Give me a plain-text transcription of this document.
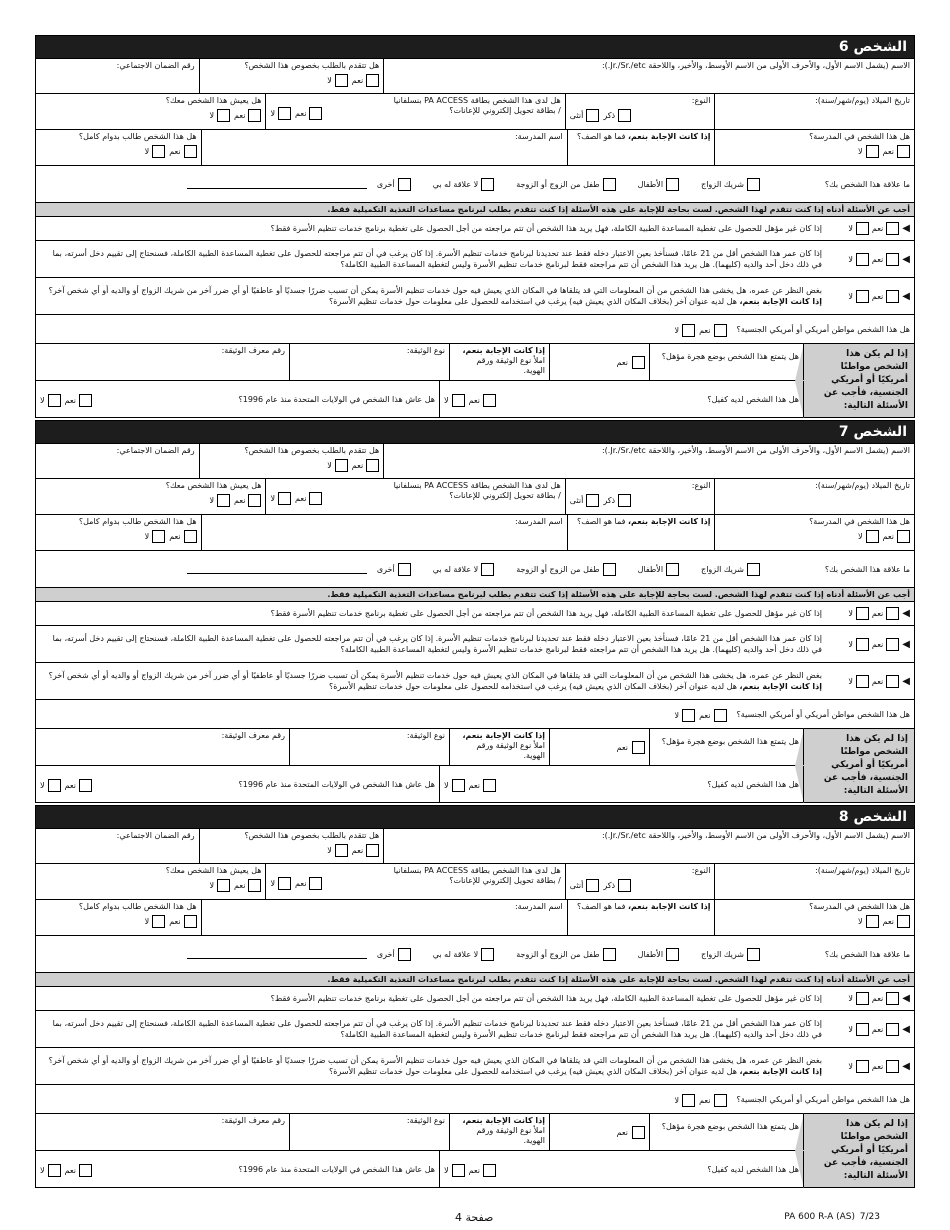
الشخص 6
الاسم (يشمل الاسم الأول، والأحرف الأولى من الاسم الأوسط، والأخير، واللاحقة Jr./Sr./etc.):
هل تتقدم بالطلب بخصوص هذا الشخص؟
نعم
لا
رقم الضمان الاجتماعي:
تاريخ الميلاد (يوم/شهر/سنة):
النوع:
ذكر
أنثى
هل لدى هذا الشخص بطاقة PA ACCESS بنسلفانيا / بطاقة تحويل إلكتروني للإعانات؟
نعم
لا
هل يعيش هذا الشخص معك؟
نعم
لا
هل هذا الشخص في المدرسة؟
نعم
لا
إذا كانت الإجابة بنعم، فما هو الصف؟
اسم المدرسة:
هل هذا الشخص طالب بدوام كامل؟
نعم
لا
ما علاقة هذا الشخص بك؟
شريك الزواج
الأطفال
طفل من الزوج أو الزوجة
لا علاقة له بي
أخرى
أجب عن الأسئلة أدناه إذا كنت تتقدم لهذا الشخص. لست بحاجة للإجابة على هذه الأسئلة إذا كنت تتقدم بطلب لبرنامج مساعدات التغذية التكميلية فقط.
◀
نعم
لا
إذا كان غير مؤهل للحصول على تغطية المساعدة الطبية الكاملة، فهل يريد هذا الشخص أن تتم مراجعته من أجل الحصول على تغطية برنامج خدمات تنظيم الأسرة فقط؟
◀
نعم
لا
إذا كان عمر هذا الشخص أقل من 21 عامًا، فسنأخذ بعين الاعتبار دخله فقط عند تحديدنا لبرنامج خدمات تنظيم الأسرة. إذا كان يرغب في أن تتم مراجعته للحصول على تغطية المساعدة الطبية الكاملة، فسنحتاج إلى تقييم دخل أسرته، بما في ذلك دخل أحد والديه (كليهما). هل يريد هذا الشخص أن تتم مراجعته فقط لبرنامج خدمات تنظيم الأسرة وليس لتغطية المساعدة الطبية الكاملة؟
◀
نعم
لا
بغض النظر عن عمره، هل يخشى هذا الشخص من أن المعلومات التي قد يتلقاها في المكان الذي يعيش فيه حول خدمات تنظيم الأسرة يمكن أن تسبب ضررًا جسديًا أو عاطفيًا أو أي ضرر آخر من شريك الزواج أو والديه أو أي شخص آخر؟ إذا كانت الإجابة بنعم، هل لديه عنوان آخر (بخلاف المكان الذي يعيش فيه) يرغب في استخدامه للحصول على معلومات حول خدمات تنظيم الأسرة؟
هل هذا الشخص مواطن أمريكي أو أمريكي الجنسية؟
نعم
لا
إذا لم يكن هذا الشخص مواطنًا أمريكيًا أو أمريكي الجنسية، فأجب عن الأسئلة التالية:
هل يتمتع هذا الشخص بوضع هجرة مؤهل؟
نعم
إذا كانت الإجابة بنعم، املأ نوع الوثيقة ورقم الهوية.
نوع الوثيقة:
رقم معرف الوثيقة:
هل هذا الشخص لديه كفيل؟
نعم
لا
هل عاش هذا الشخص في الولايات المتحدة منذ عام 1996؟
نعم
لا
الشخص 7
الاسم (يشمل الاسم الأول، والأحرف الأولى من الاسم الأوسط، والأخير، واللاحقة Jr./Sr./etc.):
هل تتقدم بالطلب بخصوص هذا الشخص؟
نعم
لا
رقم الضمان الاجتماعي:
تاريخ الميلاد (يوم/شهر/سنة):
النوع:
ذكر
أنثى
هل لدى هذا الشخص بطاقة PA ACCESS بنسلفانيا / بطاقة تحويل إلكتروني للإعانات؟
نعم
لا
هل يعيش هذا الشخص معك؟
نعم
لا
هل هذا الشخص في المدرسة؟
نعم
لا
إذا كانت الإجابة بنعم، فما هو الصف؟
اسم المدرسة:
هل هذا الشخص طالب بدوام كامل؟
نعم
لا
ما علاقة هذا الشخص بك؟
شريك الزواج
الأطفال
طفل من الزوج أو الزوجة
لا علاقة له بي
أخرى
أجب عن الأسئلة أدناه إذا كنت تتقدم لهذا الشخص. لست بحاجة للإجابة على هذه الأسئلة إذا كنت تتقدم بطلب لبرنامج مساعدات التغذية التكميلية فقط.
◀
نعم
لا
إذا كان غير مؤهل للحصول على تغطية المساعدة الطبية الكاملة، فهل يريد هذا الشخص أن تتم مراجعته من أجل الحصول على تغطية برنامج خدمات تنظيم الأسرة فقط؟
◀
نعم
لا
إذا كان عمر هذا الشخص أقل من 21 عامًا، فسنأخذ بعين الاعتبار دخله فقط عند تحديدنا لبرنامج خدمات تنظيم الأسرة. إذا كان يرغب في أن تتم مراجعته للحصول على تغطية المساعدة الطبية الكاملة، فسنحتاج إلى تقييم دخل أسرته، بما في ذلك دخل أحد والديه (كليهما). هل يريد هذا الشخص أن تتم مراجعته فقط لبرنامج خدمات تنظيم الأسرة وليس لتغطية المساعدة الطبية الكاملة؟
◀
نعم
لا
بغض النظر عن عمره، هل يخشى هذا الشخص من أن المعلومات التي قد يتلقاها في المكان الذي يعيش فيه حول خدمات تنظيم الأسرة يمكن أن تسبب ضررًا جسديًا أو عاطفيًا أو أي ضرر آخر من شريك الزواج أو والديه أو أي شخص آخر؟ إذا كانت الإجابة بنعم، هل لديه عنوان آخر (بخلاف المكان الذي يعيش فيه) يرغب في استخدامه للحصول على معلومات حول خدمات تنظيم الأسرة؟
هل هذا الشخص مواطن أمريكي أو أمريكي الجنسية؟
نعم
لا
إذا لم يكن هذا الشخص مواطنًا أمريكيًا أو أمريكي الجنسية، فأجب عن الأسئلة التالية:
هل يتمتع هذا الشخص بوضع هجرة مؤهل؟
نعم
إذا كانت الإجابة بنعم، املأ نوع الوثيقة ورقم الهوية.
نوع الوثيقة:
رقم معرف الوثيقة:
هل هذا الشخص لديه كفيل؟
نعم
لا
هل عاش هذا الشخص في الولايات المتحدة منذ عام 1996؟
نعم
لا
الشخص 8
الاسم (يشمل الاسم الأول، والأحرف الأولى من الاسم الأوسط، والأخير، واللاحقة Jr./Sr./etc.):
هل تتقدم بالطلب بخصوص هذا الشخص؟
نعم
لا
رقم الضمان الاجتماعي:
تاريخ الميلاد (يوم/شهر/سنة):
النوع:
ذكر
أنثى
هل لدى هذا الشخص بطاقة PA ACCESS بنسلفانيا / بطاقة تحويل إلكتروني للإعانات؟
نعم
لا
هل يعيش هذا الشخص معك؟
نعم
لا
هل هذا الشخص في المدرسة؟
نعم
لا
إذا كانت الإجابة بنعم، فما هو الصف؟
اسم المدرسة:
هل هذا الشخص طالب بدوام كامل؟
نعم
لا
ما علاقة هذا الشخص بك؟
شريك الزواج
الأطفال
طفل من الزوج أو الزوجة
لا علاقة له بي
أخرى
أجب عن الأسئلة أدناه إذا كنت تتقدم لهذا الشخص. لست بحاجة للإجابة على هذه الأسئلة إذا كنت تتقدم بطلب لبرنامج مساعدات التغذية التكميلية فقط.
◀
نعم
لا
إذا كان غير مؤهل للحصول على تغطية المساعدة الطبية الكاملة، فهل يريد هذا الشخص أن تتم مراجعته من أجل الحصول على تغطية برنامج خدمات تنظيم الأسرة فقط؟
◀
نعم
لا
إذا كان عمر هذا الشخص أقل من 21 عامًا، فسنأخذ بعين الاعتبار دخله فقط عند تحديدنا لبرنامج خدمات تنظيم الأسرة. إذا كان يرغب في أن تتم مراجعته للحصول على تغطية المساعدة الطبية الكاملة، فسنحتاج إلى تقييم دخل أسرته، بما في ذلك دخل أحد والديه (كليهما). هل يريد هذا الشخص أن تتم مراجعته فقط لبرنامج خدمات تنظيم الأسرة وليس لتغطية المساعدة الطبية الكاملة؟
◀
نعم
لا
بغض النظر عن عمره، هل يخشى هذا الشخص من أن المعلومات التي قد يتلقاها في المكان الذي يعيش فيه حول خدمات تنظيم الأسرة يمكن أن تسبب ضررًا جسديًا أو عاطفيًا أو أي ضرر آخر من شريك الزواج أو والديه أو أي شخص آخر؟ إذا كانت الإجابة بنعم، هل لديه عنوان آخر (بخلاف المكان الذي يعيش فيه) يرغب في استخدامه للحصول على معلومات حول خدمات تنظيم الأسرة؟
هل هذا الشخص مواطن أمريكي أو أمريكي الجنسية؟
نعم
لا
إذا لم يكن هذا الشخص مواطنًا أمريكيًا أو أمريكي الجنسية، فأجب عن الأسئلة التالية:
هل يتمتع هذا الشخص بوضع هجرة مؤهل؟
نعم
إذا كانت الإجابة بنعم، املأ نوع الوثيقة ورقم الهوية.
نوع الوثيقة:
رقم معرف الوثيقة:
هل هذا الشخص لديه كفيل؟
نعم
لا
هل عاش هذا الشخص في الولايات المتحدة منذ عام 1996؟
نعم
لا
PA 600 R-A (AS) 7/23
صفحة 4
